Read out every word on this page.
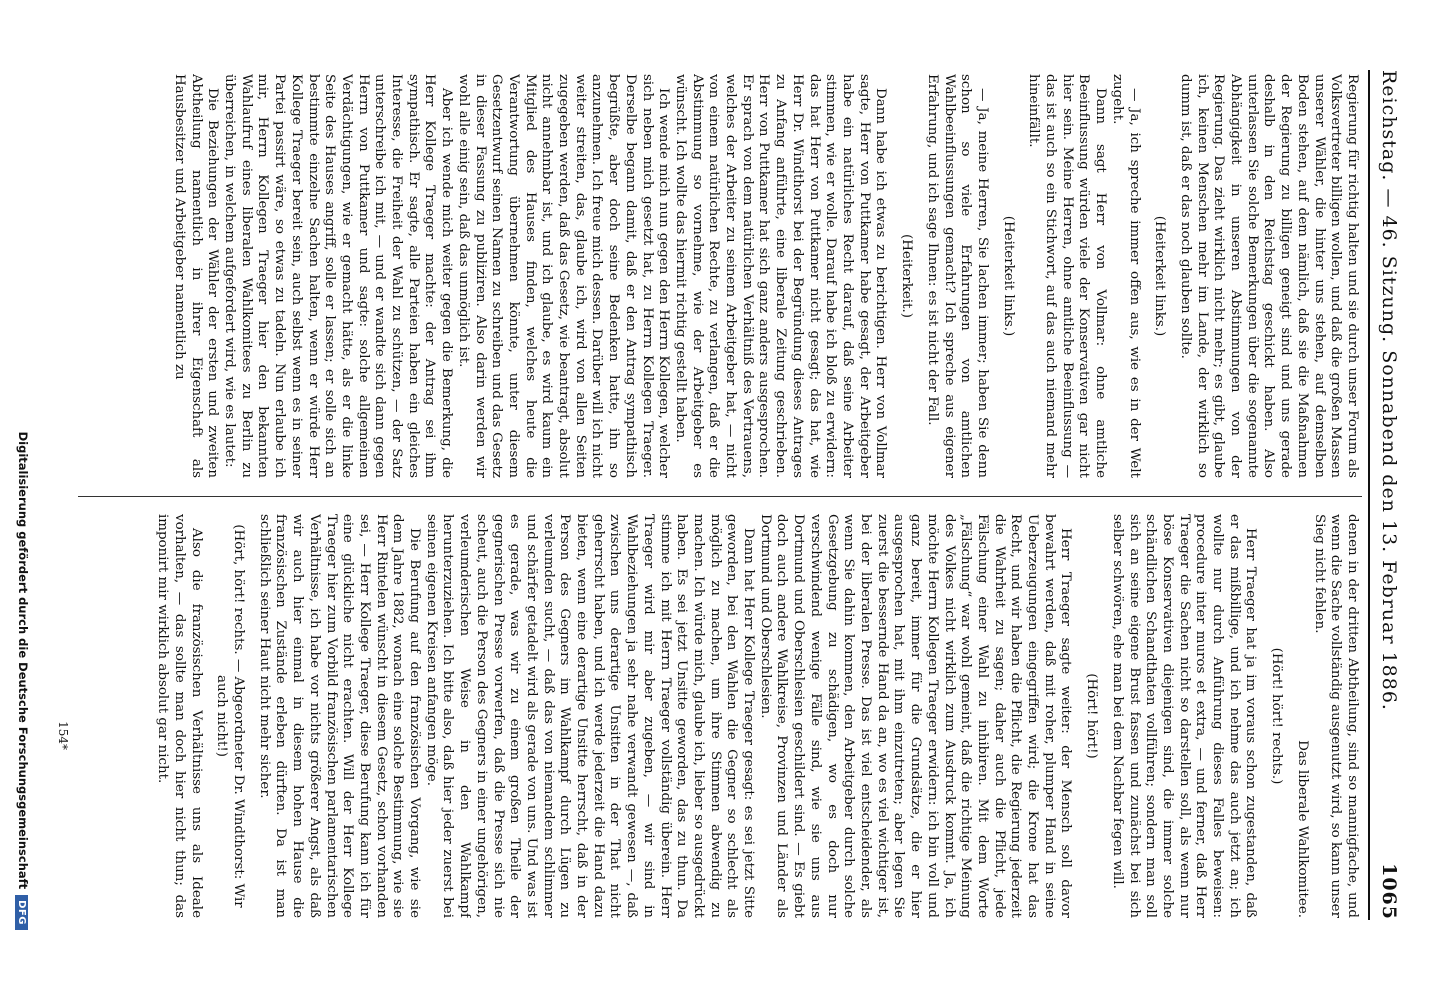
Reichstag. — 46. Sitzung. Sonnabend den 13. Februar 1886.
1065

Regierung für richtig halten und sie durch unser Forum als Volksvertreter billigen wollen, und daß die großen Massen unserer Wähler, die hinter uns stehen, auf demselben Boden stehen, auf dem nämlich, daß sie die Maßnahmen der Regierung zu billigen geneigt sind und uns gerade deshalb in den Reichstag geschickt haben. Also unterlassen Sie solche Bemerkungen über die sogenannte Abhängigkeit in unseren Abstimmungen von der Regierung. Das zieht wirklich nicht mehr; es gibt, glaube ich, keinen Menschen mehr im Lande, der wirklich so dumm ist, daß er das noch glauben sollte.

(Heiterkeit links.)

— Ja, ich spreche immer offen aus, wie es in der Welt zugeht.

Dann sagt Herr von Vollmar: ohne amtliche Beeinflussung würden viele der Konservativen gar nicht hier sein. Meine Herren, ohne amtliche Beeinflussung — das ist auch so ein Stichwort, auf das auch niemand mehr hineinfällt.

(Heiterkeit links.)

— Ja, meine Herren, Sie lachen immer; haben Sie denn schon so viele Erfahrungen von amtlichen Wahlbeeinflussungen gemacht? Ich spreche aus eigener Erfahrung, und ich sage Ihnen: es ist nicht der Fall.

(Heiterkeit.)

Dann habe ich etwas zu berichtigen. Herr von Vollmar sagte, Herr von Puttkamer habe gesagt, der Arbeitgeber habe ein natürliches Recht darauf, daß seine Arbeiter stimmen, wie er wolle. Darauf habe ich bloß zu erwidern: das hat Herr von Puttkamer nicht gesagt; das hat, wie Herr Dr. Windthorst bei der Begründung dieses Antrages zu Anfang anführte, eine liberale Zeitung geschrieben. Herr von Puttkamer hat sich ganz anders ausgesprochen. Er sprach von dem natürlichen Verhältniß des Vertrauens, welches der Arbeiter zu seinem Arbeitgeber hat, — nicht von einem natürlichen Rechte, zu verlangen, daß er die Abstimmung so vornehme, wie der Arbeitgeber es wünscht. Ich wollte das hiermit richtig gestellt haben.

Ich wende mich nun gegen den Herrn Kollegen, welcher sich neben mich gesetzt hat, zu Herrn Kollegen Traeger. Derselbe begann damit, daß er den Antrag sympathisch begrüßte, aber doch seine Bedenken hatte, ihn so anzunehmen. Ich freue mich dessen. Darüber will ich nicht weiter streiten, das, glaube ich, wird von allen Seiten zugegeben werden, daß das Gesetz, wie beantragt, absolut nicht annehmbar ist, und ich glaube, es wird kaum ein Mitglied des Hauses finden, welches heute die Verantwortung übernehmen könnte, unter diesem Gesetzentwurf seinen Namen zu schreiben und das Gesetz in dieser Fassung zu publiziren. Also darin werden wir wohl alle einig sein, daß das unmöglich ist.

Aber ich wende mich weiter gegen die Bemerkung, die Herr Kollege Traeger machte: der Antrag sei ihm sympathisch. Er sagte, alle Parteien haben ein gleiches Interesse, die Freiheit der Wahl zu schützen, — der Satz unterschreibe ich mit, — und er wandte sich dann gegen Herrn von Puttkamer und sagte: solche allgemeinen Verdächtigungen, wie er gemacht hätte, als er die linke Seite des Hauses angriff, solle er lassen; er solle sich an bestimmte einzelne Sachen halten, wenn er würde Herr Kollege Traeger bereit sein, auch selbst wenn es in seiner Partei passirt wäre, so etwas zu tadeln. Nun erlaube ich mir, Herrn Kollegen Traeger hier den bekannten Wahlaufruf eines liberalen Wahlkomitees zu Berlin zu überreichen, in welchem aufgefordert wird, wie es lautet:

Die Beziehungen der Wähler der ersten und zweiten Abtheilung namentlich in ihrer Eigenschaft als Hausbesitzer und Arbeitgeber namentlich zu

denen in der dritten Abtheilung, sind so mannigfache, und wenn die Sache vollständig ausgenutzt wird, so kann unser Sieg nicht fehlen.

Das liberale Wahlkomitee.

(Hört! hört! rechts.)

Herr Traeger hat ja im voraus schon zugestanden, daß er das mißbillige, und ich nehme das auch jetzt an; ich wollte nur durch Anführung dieses Falles beweisen: procedure inter muros et extra, — und ferner, daß Herr Traeger die Sachen nicht so darstellen soll, als wenn nur böse Konservativen diejenigen sind, die immer solche schändlichen Schandthaten vollführen; sondern man soll sich an seine eigene Brust fassen und zunächst bei sich selber schwören, ehe man bei dem Nachbar fegen will.

(Hört! hört!)

Herr Traeger sagte weiter: der Mensch soll davor bewahrt werden, daß mit roher, plumper Hand in seine Ueberzeugungen eingegriffen wird; die Krone hat das Recht, und wir haben die Pflicht, die Regierung jederzeit die Wahrheit zu sagen; daher auch die Pflicht, jede Fälschung einer Wahl zu inhibiren. Mit dem Worte „Fälschung“ war wohl gemeint, daß die richtige Meinung des Volkes nicht wirklich zum Ausdruck kommt. Ja, ich möchte Herrn Kollegen Traeger erwidern: ich bin voll und ganz bereit, immer für die Grundsätze, die er hier ausgesprochen hat, mit ihm einzutreten; aber legen Sie zuerst die bessernde Hand da an, wo es viel wichtiger ist, bei der liberalen Presse. Das ist viel entscheidender, als wenn Sie dahin kommen, den Arbeitgeber durch solche Gesetzgebung zu schädigen, wo es doch nur verschwindend wenige Fälle sind, wie sie uns aus Dortmund und Oberschlesien geschildert sind. — Es giebt doch auch andere Wahlkreise, Provinzen und Länder als Dortmund und Oberschlesien.

Dann hat Herr Kollege Traeger gesagt: es sei jetzt Sitte geworden, bei den Wahlen die Gegner so schlecht als möglich zu machen, um ihre Stimmen abwendig zu machen. Ich würde mich, glaube ich, lieber so ausgedrückt haben. Es sei jetzt Unsitte geworden, das zu thun. Da stimme ich mit Herrn Traeger vollständig überein. Herr Traeger wird mir aber zugeben, — wir sind in Wahlbeziehungen ja sehr nahe verwandt gewesen —, daß zwischen uns derartige Unsitten in der That nicht geherrscht haben, und ich werde jederzeit die Hand dazu bieten, wenn eine derartige Unsitte herrscht, daß in der Person des Gegners im Wahlkampf durch Lügen zu verleumden sucht, — daß das von niemandem schlimmer und schärfer getadelt wird als gerade von uns. Und was ist es gerade, was wir zu einem großen Theile der gegnerischen Presse vorwerfen, daß die Presse sich nie scheut, auch die Person des Gegners in einer ungehörigen, verleumderischen Weise in den Wahlkampf herunterzuziehen. Ich bitte also, daß hier jeder zuerst bei seinen eigenen Kreisen anfangen möge.

Die Berufung auf den französischen Vorgang, wie sie dem Jahre 1882, wonach eine solche Bestimmung, wie sie Herr Rintelen wünscht in diesem Gesetz, schon vorhanden sei, — Herr Kollege Traeger, diese Berufung kann ich für eine glückliche nicht erachten. Will der Herr Kollege Traeger hier zum Vorbild französischen parlamentarischen Verhältnisse, ich habe vor nichts größerer Angst, als daß wir auch hier einmal in diesem hohen Hause die französischen Zustände erleben dürften. Da ist man schließlich seiner Haut nicht mehr sicher.

(Hört, hört! rechts. — Abgeordneter Dr. Windthorst: Wir auch nicht!)

Also die französischen Verhältnisse uns als Ideale vorhalten, — das sollte man doch hier nicht thun; das imponirt mir wirklich absolut gar nicht.

154*
Digitalisierung gefördert durch die Deutsche ForschungsgemeinschaftDFG
